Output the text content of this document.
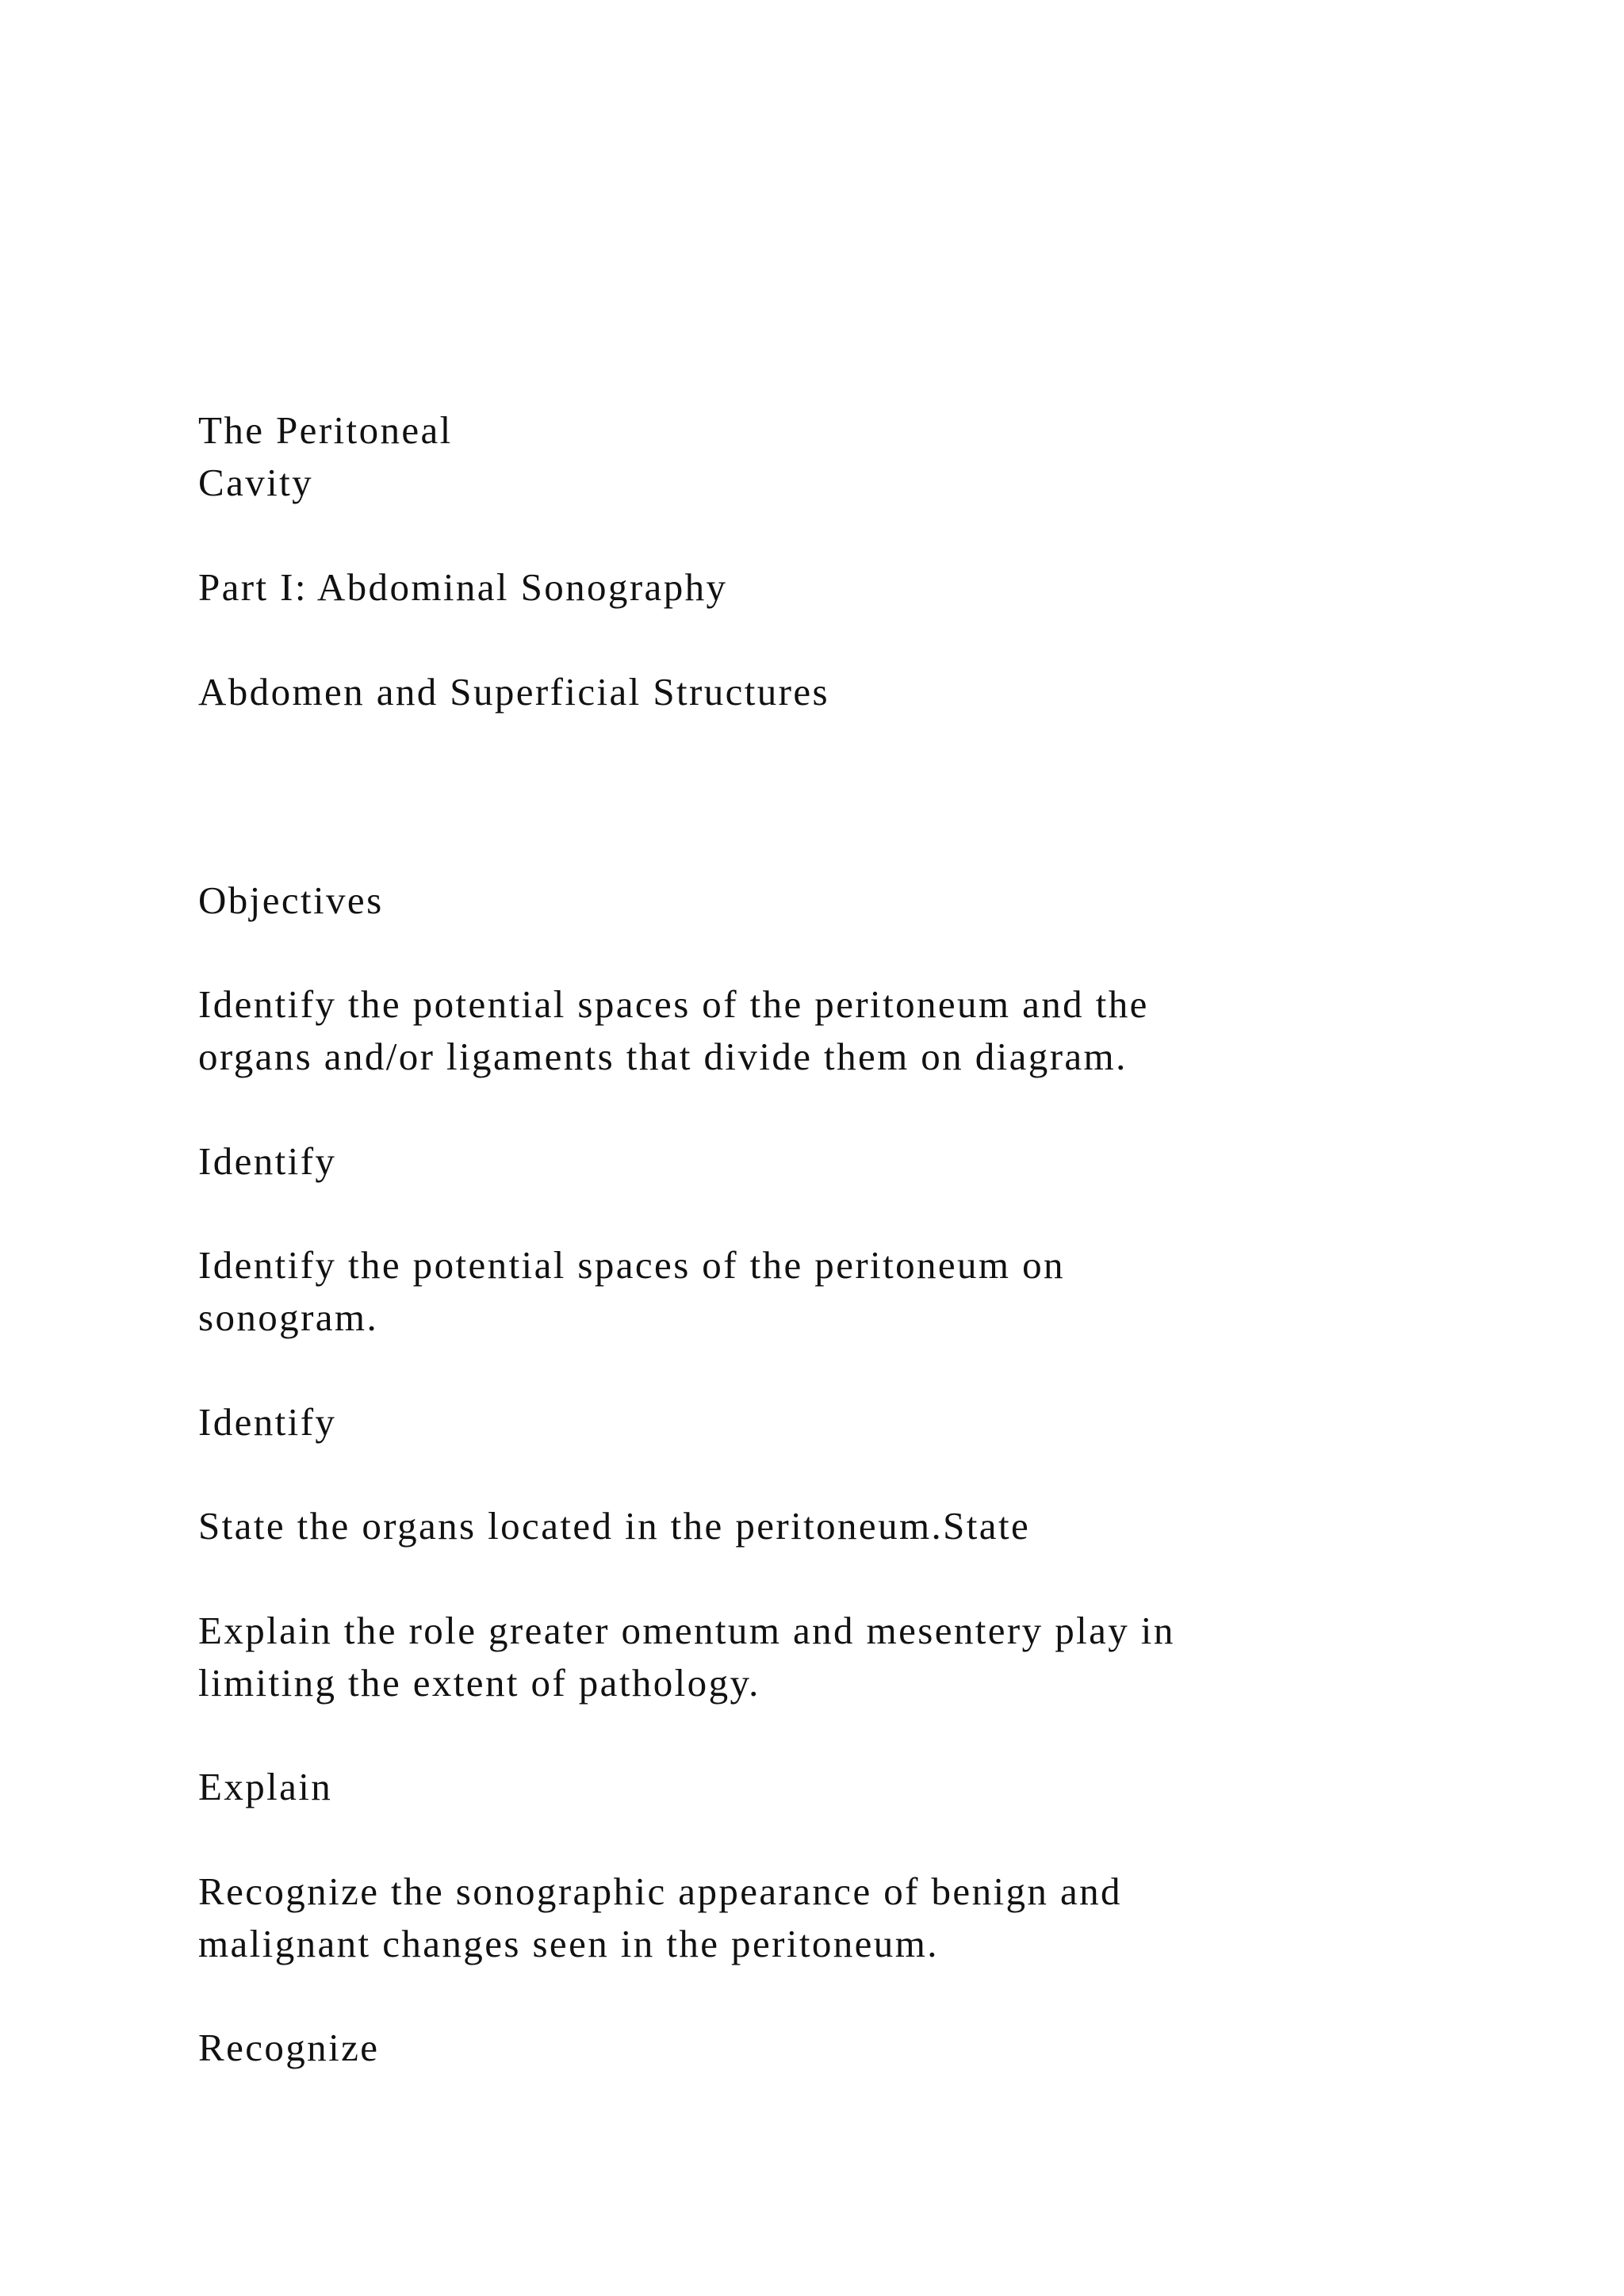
The Peritoneal
Cavity
Part I: Abdominal Sonography
Abdomen and Superficial Structures
Objectives
Identify the potential spaces of the peritoneum and the
organs and/or ligaments that divide them on diagram.
Identify
Identify the potential spaces of the peritoneum on
sonogram.
Identify
State the organs located in the peritoneum.State
Explain the role greater omentum and mesentery play in
limiting the extent of pathology.
Explain
Recognize the sonographic appearance of benign and
malignant changes seen in the peritoneum.
Recognize
